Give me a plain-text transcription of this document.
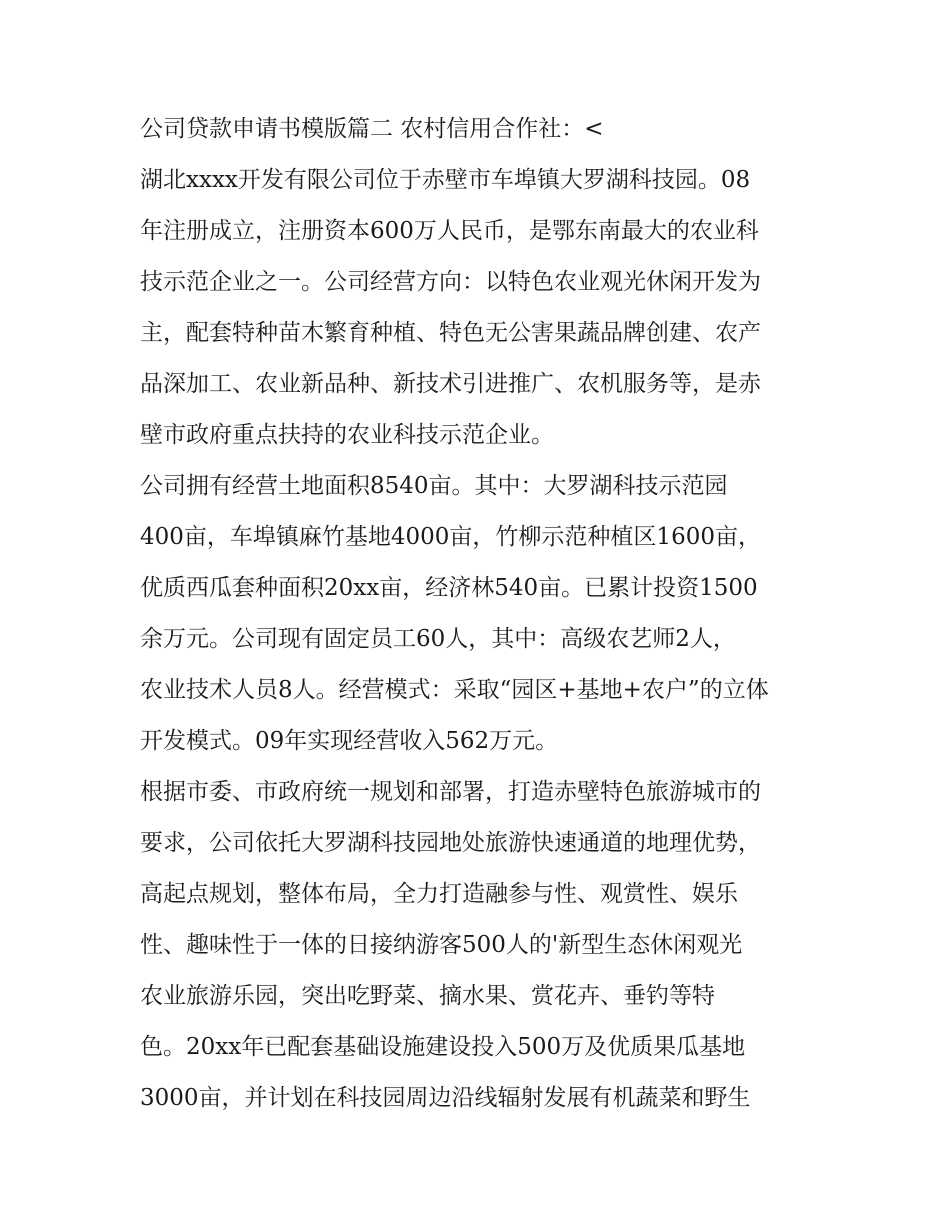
公司贷款申请书模版篇二 农村信用合作社：<
湖北xxxx开发有限公司位于赤壁市车埠镇大罗湖科技园。08
年注册成立，注册资本600万人民币，是鄂东南最大的农业科
技示范企业之一。公司经营方向：以特色农业观光休闲开发为
主，配套特种苗木繁育种植、特色无公害果蔬品牌创建、农产
品深加工、农业新品种、新技术引进推广、农机服务等，是赤
壁市政府重点扶持的农业科技示范企业。
公司拥有经营土地面积8540亩。其中：大罗湖科技示范园
400亩，车埠镇麻竹基地4000亩，竹柳示范种植区1600亩，
优质西瓜套种面积20xx亩，经济林540亩。已累计投资1500
余万元。公司现有固定员工60人，其中：高级农艺师2人，
农业技术人员8人。经营模式：采取“园区+基地+农户”的立体
开发模式。09年实现经营收入562万元。
根据市委、市政府统一规划和部署，打造赤壁特色旅游城市的
要求，公司依托大罗湖科技园地处旅游快速通道的地理优势，
高起点规划，整体布局，全力打造融参与性、观赏性、娱乐
性、趣味性于一体的日接纳游客500人的'新型生态休闲观光
农业旅游乐园，突出吃野菜、摘水果、赏花卉、垂钓等特
色。20xx年已配套基础设施建设投入500万及优质果瓜基地
3000亩，并计划在科技园周边沿线辐射发展有机蔬菜和野生
